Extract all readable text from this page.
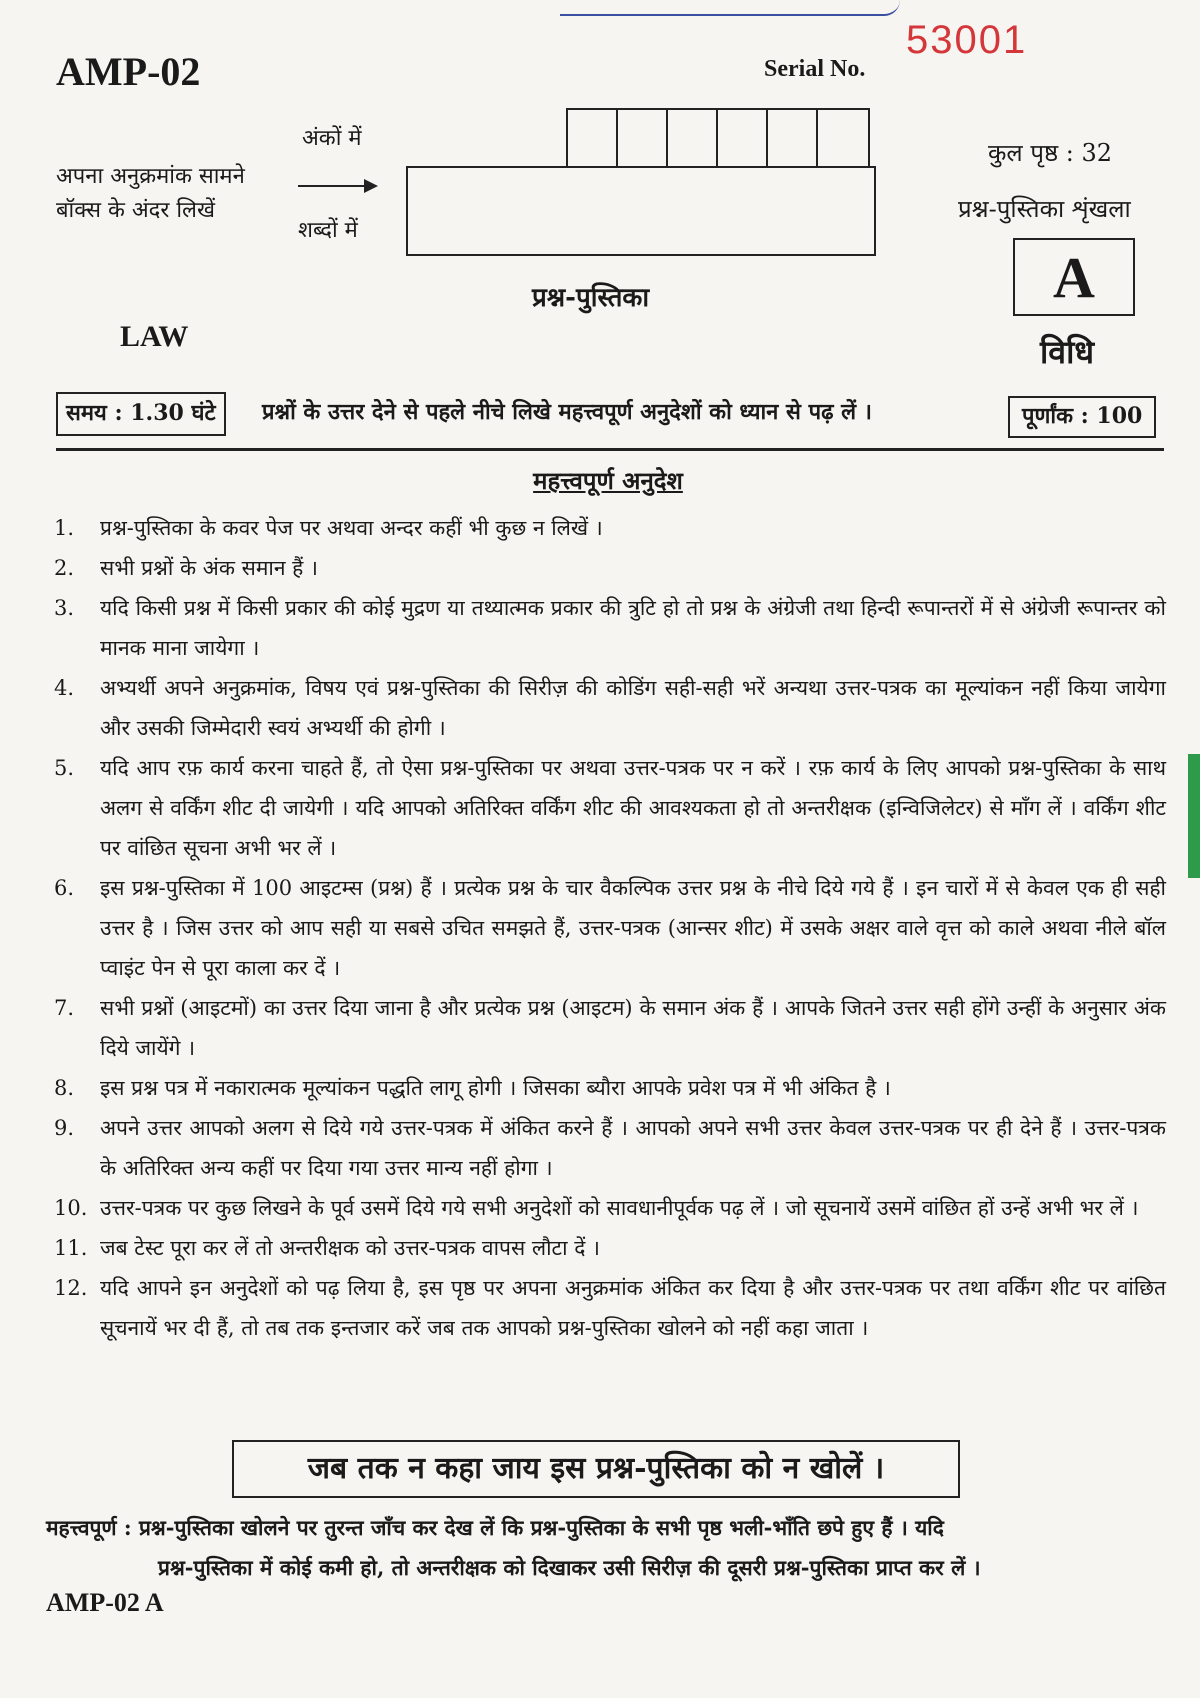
AMP-02	Serial No.
53001
अपना अनुक्रमांक सामने बॉक्स के अंदर लिखें
अंकों में
शब्दों में
प्रश्न-पुस्तिका
कुल पृष्ठ : 32
प्रश्न-पुस्तिका शृंखला
A
LAW	विधि
समय : 1.30 घंटे	प्रश्नों के उत्तर देने से पहले नीचे लिखे महत्त्वपूर्ण अनुदेशों को ध्यान से पढ़ लें ।	पूर्णांक : 100
महत्त्वपूर्ण अनुदेश
1.	प्रश्न-पुस्तिका के कवर पेज पर अथवा अन्दर कहीं भी कुछ न लिखें ।
2.	सभी प्रश्नों के अंक समान हैं ।
3.	यदि किसी प्रश्न में किसी प्रकार की कोई मुद्रण या तथ्यात्मक प्रकार की त्रुटि हो तो प्रश्न के अंग्रेजी तथा हिन्दी रूपान्तरों में से अंग्रेजी रूपान्तर को मानक माना जायेगा ।
4.	अभ्यर्थी अपने अनुक्रमांक, विषय एवं प्रश्न-पुस्तिका की सिरीज़ की कोडिंग सही-सही भरें अन्यथा उत्तर-पत्रक का मूल्यांकन नहीं किया जायेगा और उसकी जिम्मेदारी स्वयं अभ्यर्थी की होगी ।
5.	यदि आप रफ़ कार्य करना चाहते हैं, तो ऐसा प्रश्न-पुस्तिका पर अथवा उत्तर-पत्रक पर न करें । रफ़ कार्य के लिए आपको प्रश्न-पुस्तिका के साथ अलग से वर्किंग शीट दी जायेगी । यदि आपको अतिरिक्त वर्किंग शीट की आवश्यकता हो तो अन्तरीक्षक (इन्विजिलेटर) से माँग लें । वर्किंग शीट पर वांछित सूचना अभी भर लें ।
6.	इस प्रश्न-पुस्तिका में 100 आइटम्स (प्रश्न) हैं । प्रत्येक प्रश्न के चार वैकल्पिक उत्तर प्रश्न के नीचे दिये गये हैं । इन चारों में से केवल एक ही सही उत्तर है । जिस उत्तर को आप सही या सबसे उचित समझते हैं, उत्तर-पत्रक (आन्सर शीट) में उसके अक्षर वाले वृत्त को काले अथवा नीले बॉल प्वाइंट पेन से पूरा काला कर दें ।
7.	सभी प्रश्नों (आइटमों) का उत्तर दिया जाना है और प्रत्येक प्रश्न (आइटम) के समान अंक हैं । आपके जितने उत्तर सही होंगे उन्हीं के अनुसार अंक दिये जायेंगे ।
8.	इस प्रश्न पत्र में नकारात्मक मूल्यांकन पद्धति लागू होगी । जिसका ब्यौरा आपके प्रवेश पत्र में भी अंकित है ।
9.	अपने उत्तर आपको अलग से दिये गये उत्तर-पत्रक में अंकित करने हैं । आपको अपने सभी उत्तर केवल उत्तर-पत्रक पर ही देने हैं । उत्तर-पत्रक के अतिरिक्त अन्य कहीं पर दिया गया उत्तर मान्य नहीं होगा ।
10. उत्तर-पत्रक पर कुछ लिखने के पूर्व उसमें दिये गये सभी अनुदेशों को सावधानीपूर्वक पढ़ लें । जो सूचनायें उसमें वांछित हों उन्हें अभी भर लें ।
11. जब टेस्ट पूरा कर लें तो अन्तरीक्षक को उत्तर-पत्रक वापस लौटा दें ।
12. यदि आपने इन अनुदेशों को पढ़ लिया है, इस पृष्ठ पर अपना अनुक्रमांक अंकित कर दिया है और उत्तर-पत्रक पर तथा वर्किंग शीट पर वांछित सूचनायें भर दी हैं, तो तब तक इन्तजार करें जब तक आपको प्रश्न-पुस्तिका खोलने को नहीं कहा जाता ।
जब तक न कहा जाय इस प्रश्न-पुस्तिका को न खोलें ।
महत्त्वपूर्ण : प्रश्न-पुस्तिका खोलने पर तुरन्त जाँच कर देख लें कि प्रश्न-पुस्तिका के सभी पृष्ठ भली-भाँति छपे हुए हैं । यदि
प्रश्न-पुस्तिका में कोई कमी हो, तो अन्तरीक्षक को दिखाकर उसी सिरीज़ की दूसरी प्रश्न-पुस्तिका प्राप्त कर लें ।
AMP-02 A
